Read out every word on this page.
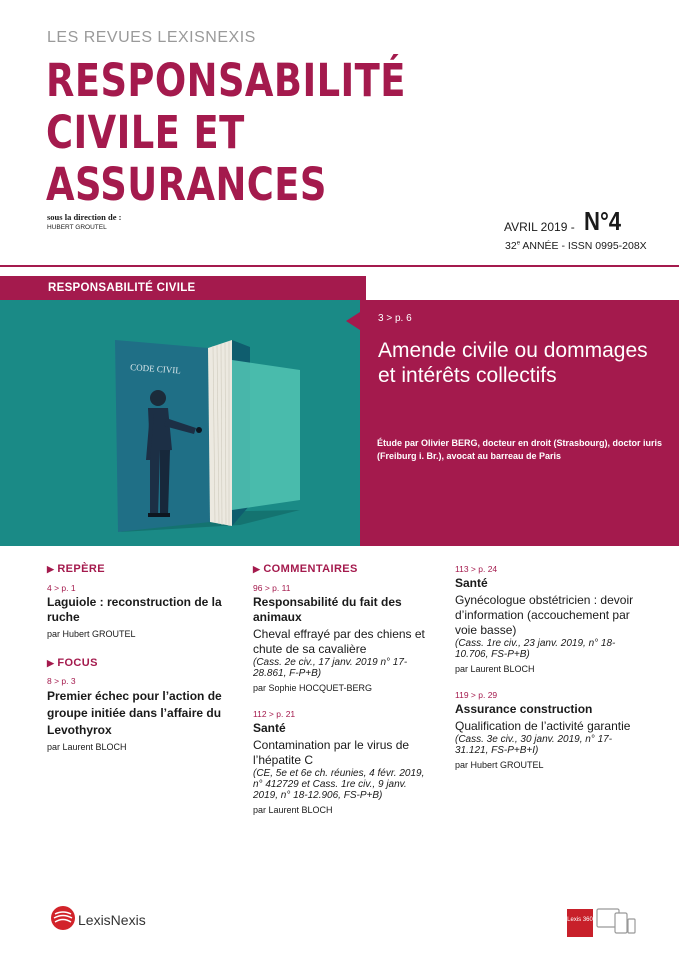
LES REVUES LEXISNEXIS
RESPONSABILITÉ
CIVILE ET
ASSURANCES
sous la direction de :
HUBERT GROUTEL	AVRIL 2019 - N°4
32e ANNÉE - ISSN 0995-208X
RESPONSABILITÉ CIVILE
CODE CIVIL
3 > p. 6
Amende civile ou dommages et intérêts collectifs
Étude par Olivier BERG, docteur en droit (Strasbourg), doctor iuris (Freiburg i. Br.), avocat au barreau de Paris
▶ REPÈRE
4 > p. 1
Laguiole : reconstruction de la ruche
par Hubert GROUTEL
▶ FOCUS
8 > p. 3
Premier échec pour l’action de groupe initiée dans l’affaire du Levothyrox
par Laurent BLOCH
▶ COMMENTAIRES
96 > p. 11
Responsabilité du fait des animaux
Cheval effrayé par des chiens et chute de sa cavalière
(Cass. 2e civ., 17 janv. 2019 n° 17-28.861, F-P+B)
par Sophie HOCQUET-BERG
112 > p. 21
Santé
Contamination par le virus de l’hépatite C
(CE, 5e et 6e ch. réunies, 4 févr. 2019, n° 412729 et Cass. 1re civ., 9 janv. 2019, n° 18-12.906, FS-P+B)
par Laurent BLOCH
113 > p. 24
Santé
Gynécologue obstétricien : devoir d’information (accouchement par voie basse)
(Cass. 1re civ., 23 janv. 2019, n° 18-10.706, FS-P+B)
par Laurent BLOCH
119 > p. 29
Assurance construction
Qualification de l’activité garantie
(Cass. 3e civ., 30 janv. 2019, n° 17-31.121, FS-P+B+I)
par Hubert GROUTEL
LexisNexis	Lexis 360
